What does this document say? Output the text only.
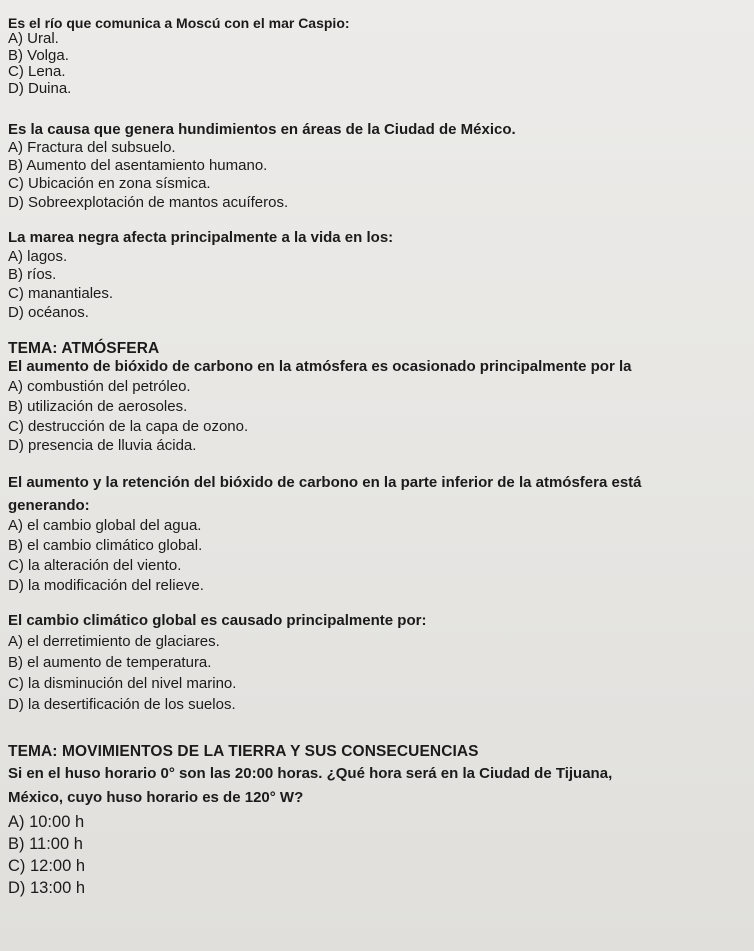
Es el río que comunica a Moscú con el mar Caspio:
A) Ural.
B) Volga.
C) Lena.
D) Duina.
Es la causa que genera hundimientos en áreas de la Ciudad de México.
A) Fractura del subsuelo.
B) Aumento del asentamiento humano.
C) Ubicación en zona sísmica.
D) Sobreexplotación de mantos acuíferos.
La marea negra afecta principalmente a la vida en los:
A) lagos.
B) ríos.
C) manantiales.
D) océanos.
TEMA: ATMÓSFERA
El aumento de bióxido de carbono en la atmósfera es ocasionado principalmente por la
A) combustión del petróleo.
B) utilización de aerosoles.
C) destrucción de la capa de ozono.
D) presencia de lluvia ácida.
El aumento y la retención del bióxido de carbono en la parte inferior de la atmósfera está
generando:
A) el cambio global del agua.
B) el cambio climático global.
C) la alteración del viento.
D) la modificación del relieve.
El cambio climático global es causado principalmente por:
A) el derretimiento de glaciares.
B) el aumento de temperatura.
C) la disminución del nivel marino.
D) la desertificación de los suelos.
TEMA: MOVIMIENTOS DE LA TIERRA Y SUS CONSECUENCIAS
Si en el huso horario 0° son las 20:00 horas. ¿Qué hora será en la Ciudad de Tijuana,
México, cuyo huso horario es de 120° W?
A) 10:00 h
B) 11:00 h
C) 12:00 h
D) 13:00 h
